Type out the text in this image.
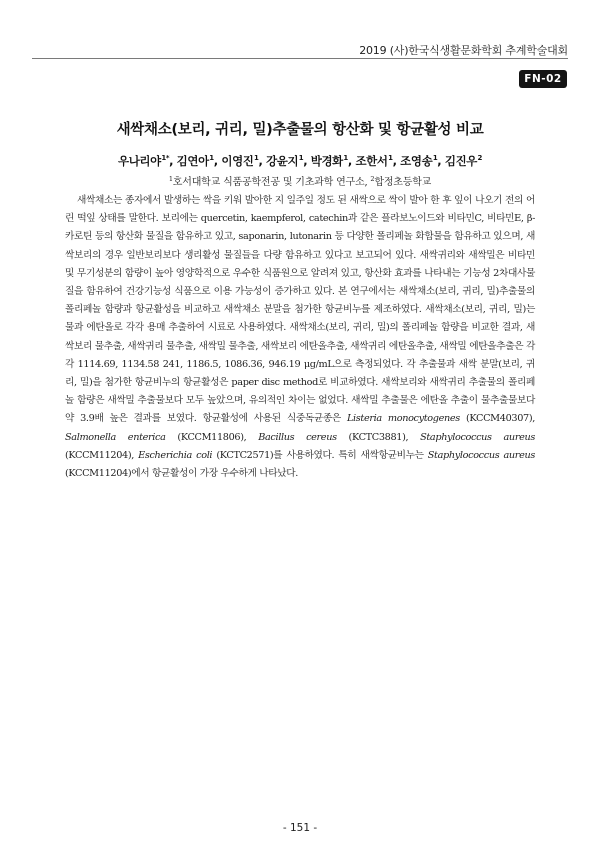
2019 (사)한국식생활문화학회 추계학술대회
FN-02
새싹채소(보리, 귀리, 밀)추출물의 항산화 및 항균활성 비교
우나리야$^{1*}$, 김연아$^1$, 이영진$^1$, 강윤지$^1$, 박경화$^1$, 조한서$^1$, 조영송$^1$, 김진우$^2$
$^1$호서대학교 식품공학전공 및 기초과학 연구소, $^2$합정초등학교
새싹채소는 종자에서 발생하는 싹을 키워 발아한 지 일주일 정도 된 새싹으로 싹이 발아 한 후 잎이 나오기 전의 어린 떡잎 상태를 말한다. 보리에는 quercetin, kaempferol, catechin과 같은 플라보노이드와 비타민C, 비타민E, β-카로틴 등의 항산화 물질을 함유하고 있고, saponarin, lutonarin 등 다양한 폴리페놀 화합물을 함유하고 있으며, 새싹보리의 경우 일반보리보다 생리활성 물질들을 다량 함유하고 있다고 보고되어 있다. 새싹귀리와 새싹밀은 비타민 및 무기성분의 함량이 높아 영양학적으로 우수한 식품원으로 알려져 있고, 항산화 효과를 나타내는 기능성 2차대사물질을 함유하여 건강기능성 식품으로 이용 가능성이 증가하고 있다. 본 연구에서는 새싹채소(보리, 귀리, 밀)추출물의 폴리페놀 함량과 항균활성을 비교하고 새싹채소 분말을 첨가한 항균비누를 제조하였다. 새싹채소(보리, 귀리, 밀)는 물과 에탄올로 각각 용매 추출하여 시료로 사용하였다. 새싹채소(보리, 귀리, 밀)의 폴리페놀 함량을 비교한 결과, 새싹보리 물추출, 새싹귀리 물추출, 새싹밀 물추출, 새싹보리 에탄올추출, 새싹귀리 에탄올추출, 새싹밀 에탄올추출은 각각 1114.69, 1134.58 241, 1186.5, 1086.36, 946.19 μg/mL으로 측정되었다. 각 추출물과 새싹 분말(보리, 귀리, 밀)을 첨가한 항균비누의 항균활성은 paper disc method로 비교하였다. 새싹보리와 새싹귀리 추출물의 폴리페놀 함량은 새싹밀 추출물보다 모두 높았으며, 유의적인 차이는 없었다. 새싹밀 추출물은 에탄올 추출이 물추출물보다 약 3.9배 높은 결과를 보였다. 항균활성에 사용된 식중독균종은 Listeria monocytogenes (KCCM40307), Salmonella enterica (KCCM11806), Bacillus cereus (KCTC3881), Staphylococcus aureus (KCCM11204), Escherichia coli (KCTC2571)를 사용하였다. 특히 새싹항균비누는 Staphylococcus aureus (KCCM11204)에서 항균활성이 가장 우수하게 나타났다.
- 151 -
